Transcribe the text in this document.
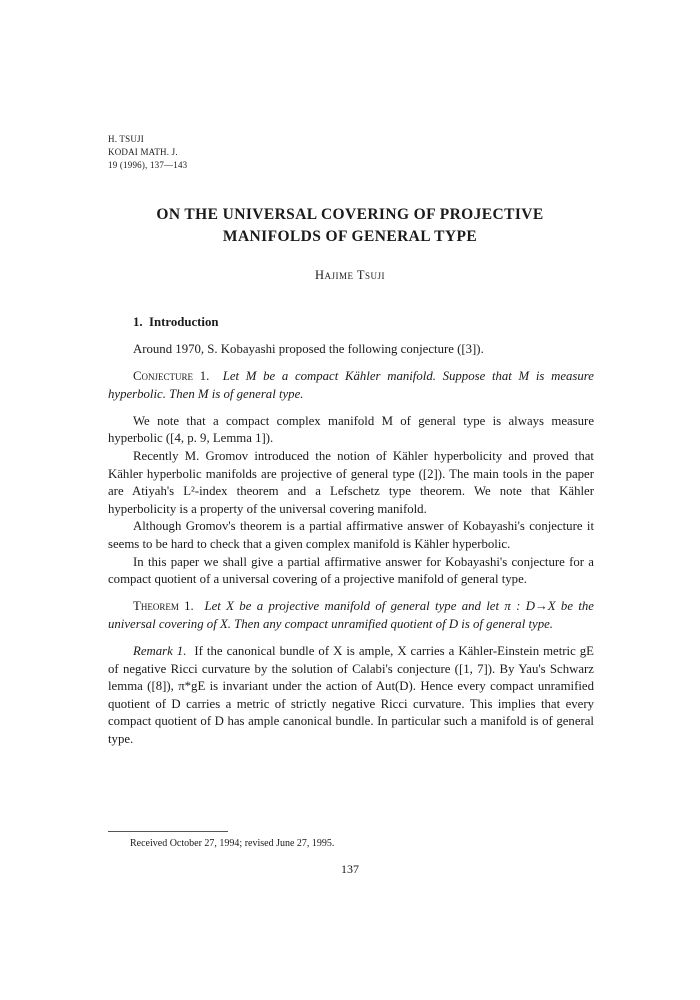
H. TSUJI
KODAI MATH. J.
19 (1996), 137—143
ON THE UNIVERSAL COVERING OF PROJECTIVE
MANIFOLDS OF GENERAL TYPE
Hajime Tsuji

1. Introduction

Around 1970, S. Kobayashi proposed the following conjecture ([3]).

Conjecture 1. Let M be a compact Kähler manifold. Suppose that M is measure hyperbolic. Then M is of general type.

We note that a compact complex manifold M of general type is always measure hyperbolic ([4, p. 9, Lemma 1]).

Recently M. Gromov introduced the notion of Kähler hyperbolicity and proved that Kähler hyperbolic manifolds are projective of general type ([2]). The main tools in the paper are Atiyah's L²-index theorem and a Lefschetz type theorem. We note that Kähler hyperbolicity is a property of the universal covering manifold.

Although Gromov's theorem is a partial affirmative answer of Kobayashi's conjecture it seems to be hard to check that a given complex manifold is Kähler hyperbolic.

In this paper we shall give a partial affirmative answer for Kobayashi's conjecture for a compact quotient of a universal covering of a projective manifold of general type.

Theorem 1. Let X be a projective manifold of general type and let π : D→X be the universal covering of X. Then any compact unramified quotient of D is of general type.

Remark 1. If the canonical bundle of X is ample, X carries a Kähler-Einstein metric gE of negative Ricci curvature by the solution of Calabi's conjecture ([1, 7]). By Yau's Schwarz lemma ([8]), π*gE is invariant under the action of Aut(D). Hence every compact unramified quotient of D carries a metric of strictly negative Ricci curvature. This implies that every compact quotient of D has ample canonical bundle. In particular such a manifold is of general type.

Received October 27, 1994; revised June 27, 1995.
137
